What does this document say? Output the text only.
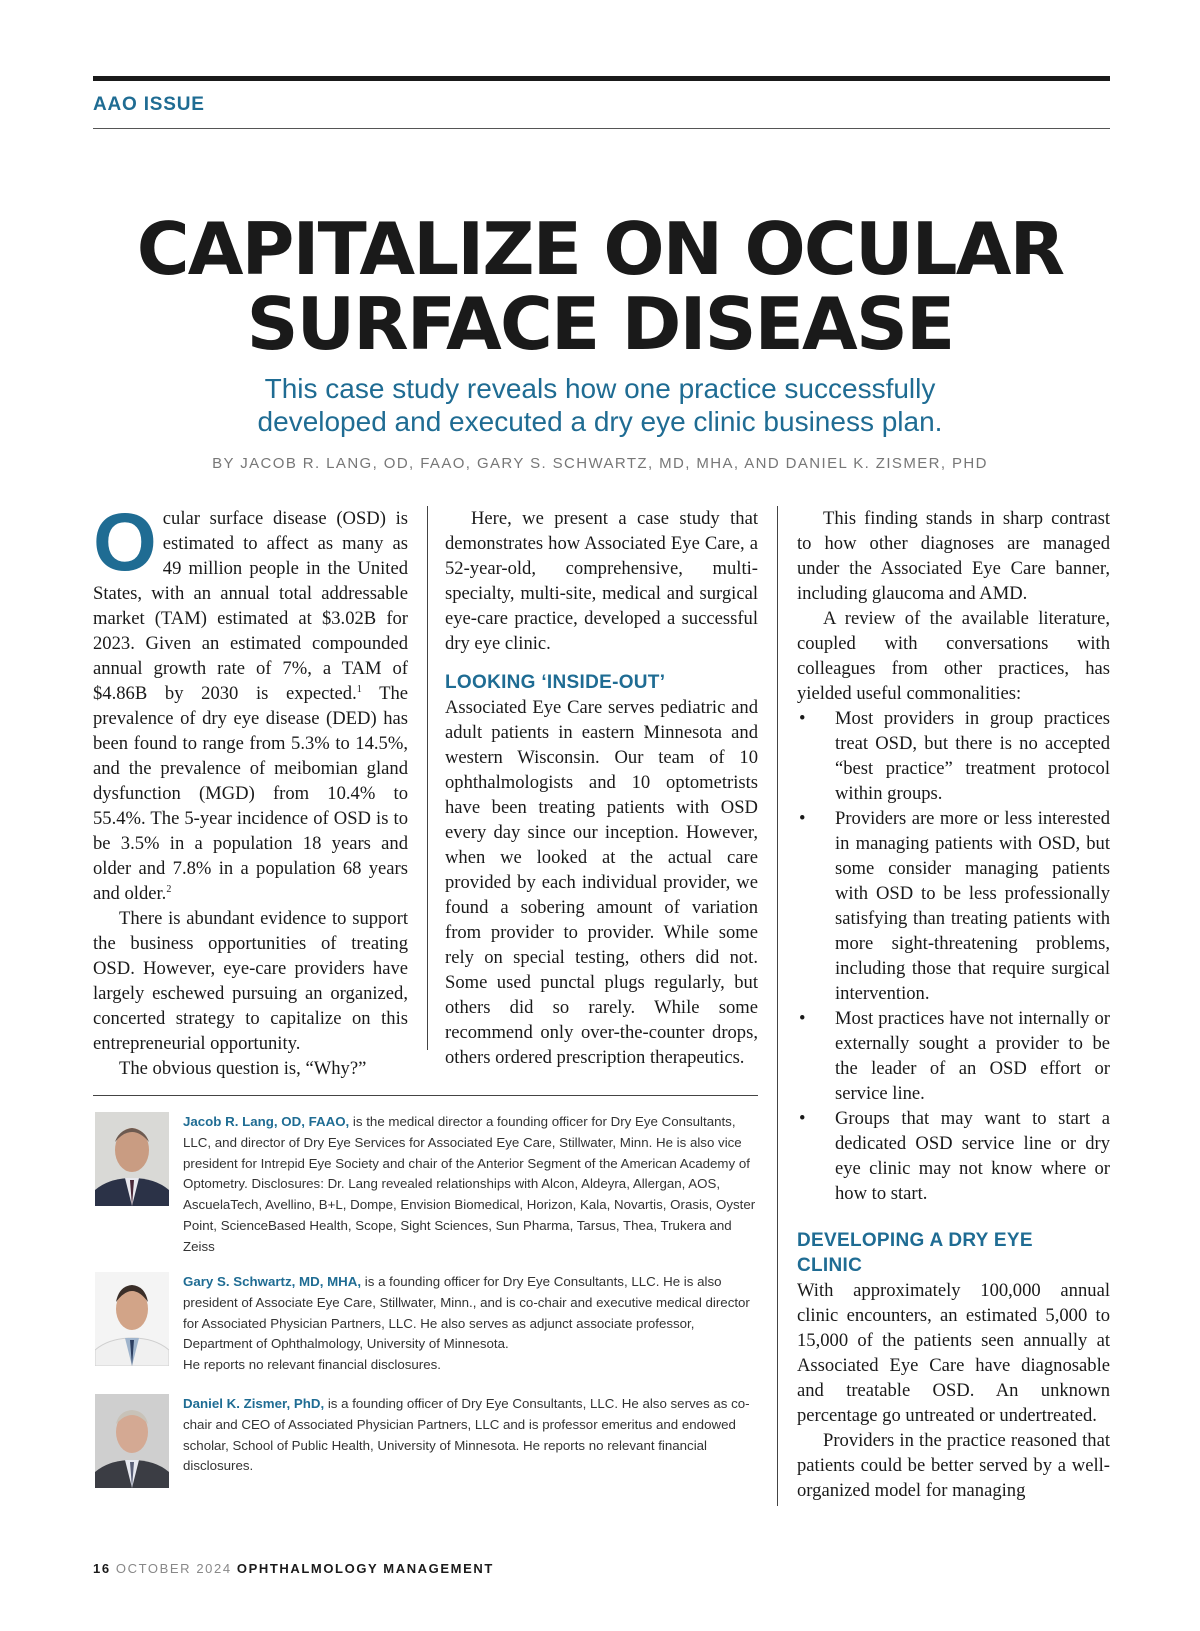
AAO ISSUE
CAPITALIZE ON OCULAR
SURFACE DISEASE
This case study reveals how one practice successfully
developed and executed a dry eye clinic business plan.
BY JACOB R. LANG, OD, FAAO, GARY S. SCHWARTZ, MD, MHA, AND DANIEL K. ZISMER, PHD

Ocular surface disease (OSD) is estimated to affect as many as 49 million people in the United States, with an annual total addressable market (TAM) estimated at $3.02B for 2023. Given an estimated compounded annual growth rate of 7%, a TAM of $4.86B by 2030 is expected.$^1$ The prevalence of dry eye disease (DED) has been found to range from 5.3% to 14.5%, and the prevalence of meibomian gland dysfunction (MGD) from 10.4% to 55.4%. The 5-year incidence of OSD is to be 3.5% in a population 18 years and older and 7.8% in a population 68 years and older.$^2$

There is abundant evidence to support the business opportunities of treating OSD. However, eye-care providers have largely eschewed pursuing an organized, concerted strategy to capitalize on this entrepreneurial opportunity.

The obvious question is, “Why?”

Here, we present a case study that demonstrates how Associated Eye Care, a 52-year-old, comprehensive, multi-specialty, multi-site, medical and surgical eye-care practice, developed a successful dry eye clinic.

LOOKING ‘INSIDE-OUT’

Associated Eye Care serves pediatric and adult patients in eastern Minnesota and western Wisconsin. Our team of 10 ophthalmologists and 10 optometrists have been treating patients with OSD every day since our inception. However, when we looked at the actual care provided by each individual provider, we found a sobering amount of variation from provider to provider. While some rely on special testing, others did not. Some used punctal plugs regularly, but others did so rarely. While some recommend only over-the-counter drops, others ordered prescription therapeutics.

This finding stands in sharp contrast to how other diagnoses are managed under the Associated Eye Care banner, including glaucoma and AMD.

A review of the available literature, coupled with conversations with colleagues from other practices, has yielded useful commonalities:

• Most providers in group practices treat OSD, but there is no accepted “best practice” treatment protocol within groups.
• Providers are more or less interested in managing patients with OSD, but some consider managing patients with OSD to be less professionally satisfying than treating patients with more sight-threatening problems, including those that require surgical intervention.
• Most practices have not internally or externally sought a provider to be the leader of an OSD effort or service line.
• Groups that may want to start a dedicated OSD service line or dry eye clinic may not know where or how to start.
DEVELOPING A DRY EYE
CLINIC

With approximately 100,000 annual clinic encounters, an estimated 5,000 to 15,000 of the patients seen annually at Associated Eye Care have diagnosable and treatable OSD. An unknown percentage go untreated or undertreated.

Providers in the practice reasoned that patients could be better served by a well-organized model for managing

Jacob R. Lang, OD, FAAO, is the medical director a founding officer for Dry Eye Consultants, LLC, and director of Dry Eye Services for Associated Eye Care, Stillwater, Minn. He is also vice president for Intrepid Eye Society and chair of the Anterior Segment of the American Academy of Optometry. Disclosures: Dr. Lang revealed relationships with Alcon, Aldeyra, Allergan, AOS, AscuelaTech, Avellino, B+L, Dompe, Envision Biomedical, Horizon, Kala, Novartis, Orasis, Oyster Point, ScienceBased Health, Scope, Sight Sciences, Sun Pharma, Tarsus, Thea, Trukera and Zeiss
Gary S. Schwartz, MD, MHA, is a founding officer for Dry Eye Consultants, LLC. He is also president of Associate Eye Care, Stillwater, Minn., and is co-chair and executive medical director for Associated Physician Partners, LLC. He also serves as adjunct associate professor, Department of Ophthalmology, University of Minnesota.
He reports no relevant financial disclosures.
Daniel K. Zismer, PhD, is a founding officer of Dry Eye Consultants, LLC. He also serves as co-chair and CEO of Associated Physician Partners, LLC and is professor emeritus and endowed scholar, School of Public Health, University of Minnesota. He reports no relevant financial disclosures.
16 OCTOBER 2024 OPHTHALMOLOGY MANAGEMENT
